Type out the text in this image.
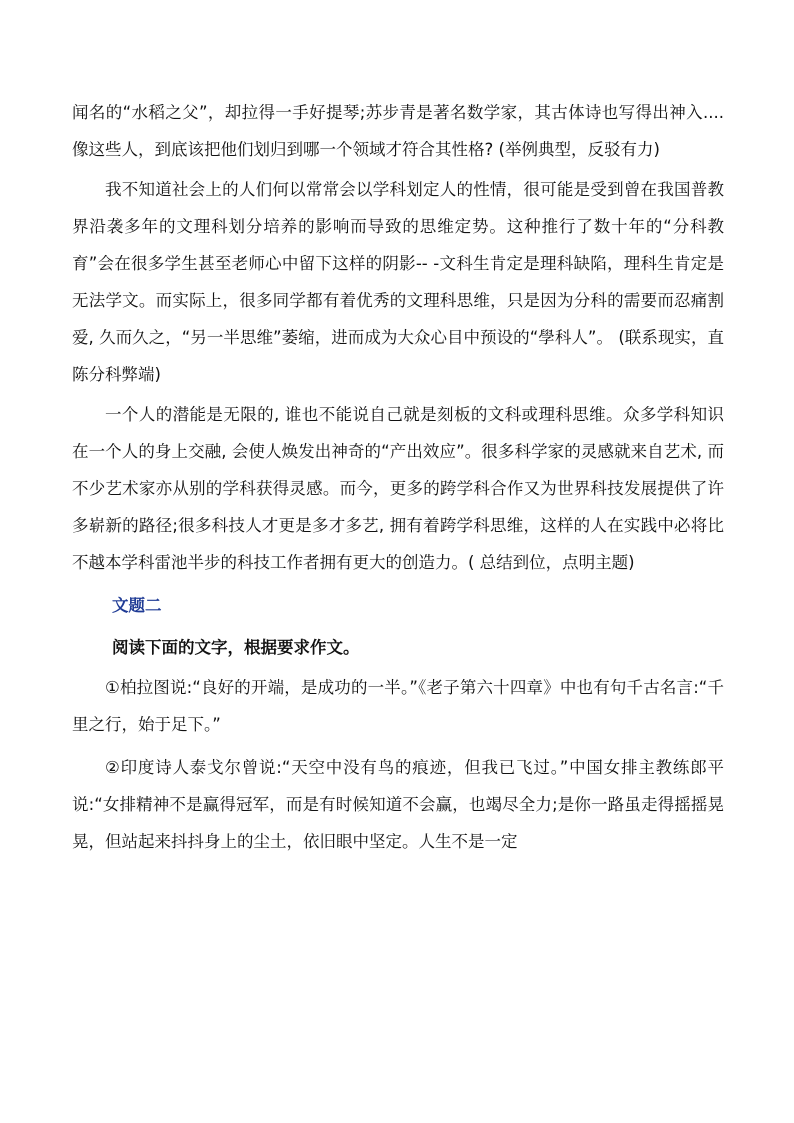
闻名的“水稻之父”，却拉得一手好提琴;苏步青是著名数学家，其古体诗也写得出神入....像这些人，到底该把他们划归到哪一个领域才符合其性格? (举例典型，反驳有力)

我不知道社会上的人们何以常常会以学科划定人的性情，很可能是受到曾在我国普教界沿袭多年的文理科划分培养的影响而导致的思维定势。这种推行了数十年的“分科教育”会在很多学生甚至老师心中留下这样的阴影-- -文科生肯定是理科缺陷，理科生肯定是无法学文。而实际上，很多同学都有着优秀的文理科思维，只是因为分科的需要而忍痛割爱, 久而久之，“另一半思维”萎缩，进而成为大众心目中预设的“學科人”。 (联系现实，直陈分科弊端)

一个人的潜能是无限的, 谁也不能说自己就是刻板的文科或理科思维。众多学科知识在一个人的身上交融, 会使人焕发出神奇的“产出效应”。很多科学家的灵感就来自艺术, 而不少艺术家亦从别的学科获得灵感。而今，更多的跨学科合作又为世界科技发展提供了许多崭新的路径;很多科技人才更是多才多艺, 拥有着跨学科思维，这样的人在实践中必将比不越本学科雷池半步的科技工作者拥有更大的创造力。( 总结到位，点明主题)

文题二

阅读下面的文字，根据要求作文。

①柏拉图说:“良好的开端，是成功的一半。”《老子第六十四章》中也有句千古名言:“千里之行，始于足下。”

②印度诗人泰戈尔曾说:“天空中没有鸟的痕迹，但我已飞过。”中国女排主教练郎平说:“女排精神不是赢得冠军，而是有时候知道不会赢，也竭尽全力;是你一路虽走得摇摇晃晃，但站起来抖抖身上的尘土，依旧眼中坚定。人生不是一定
